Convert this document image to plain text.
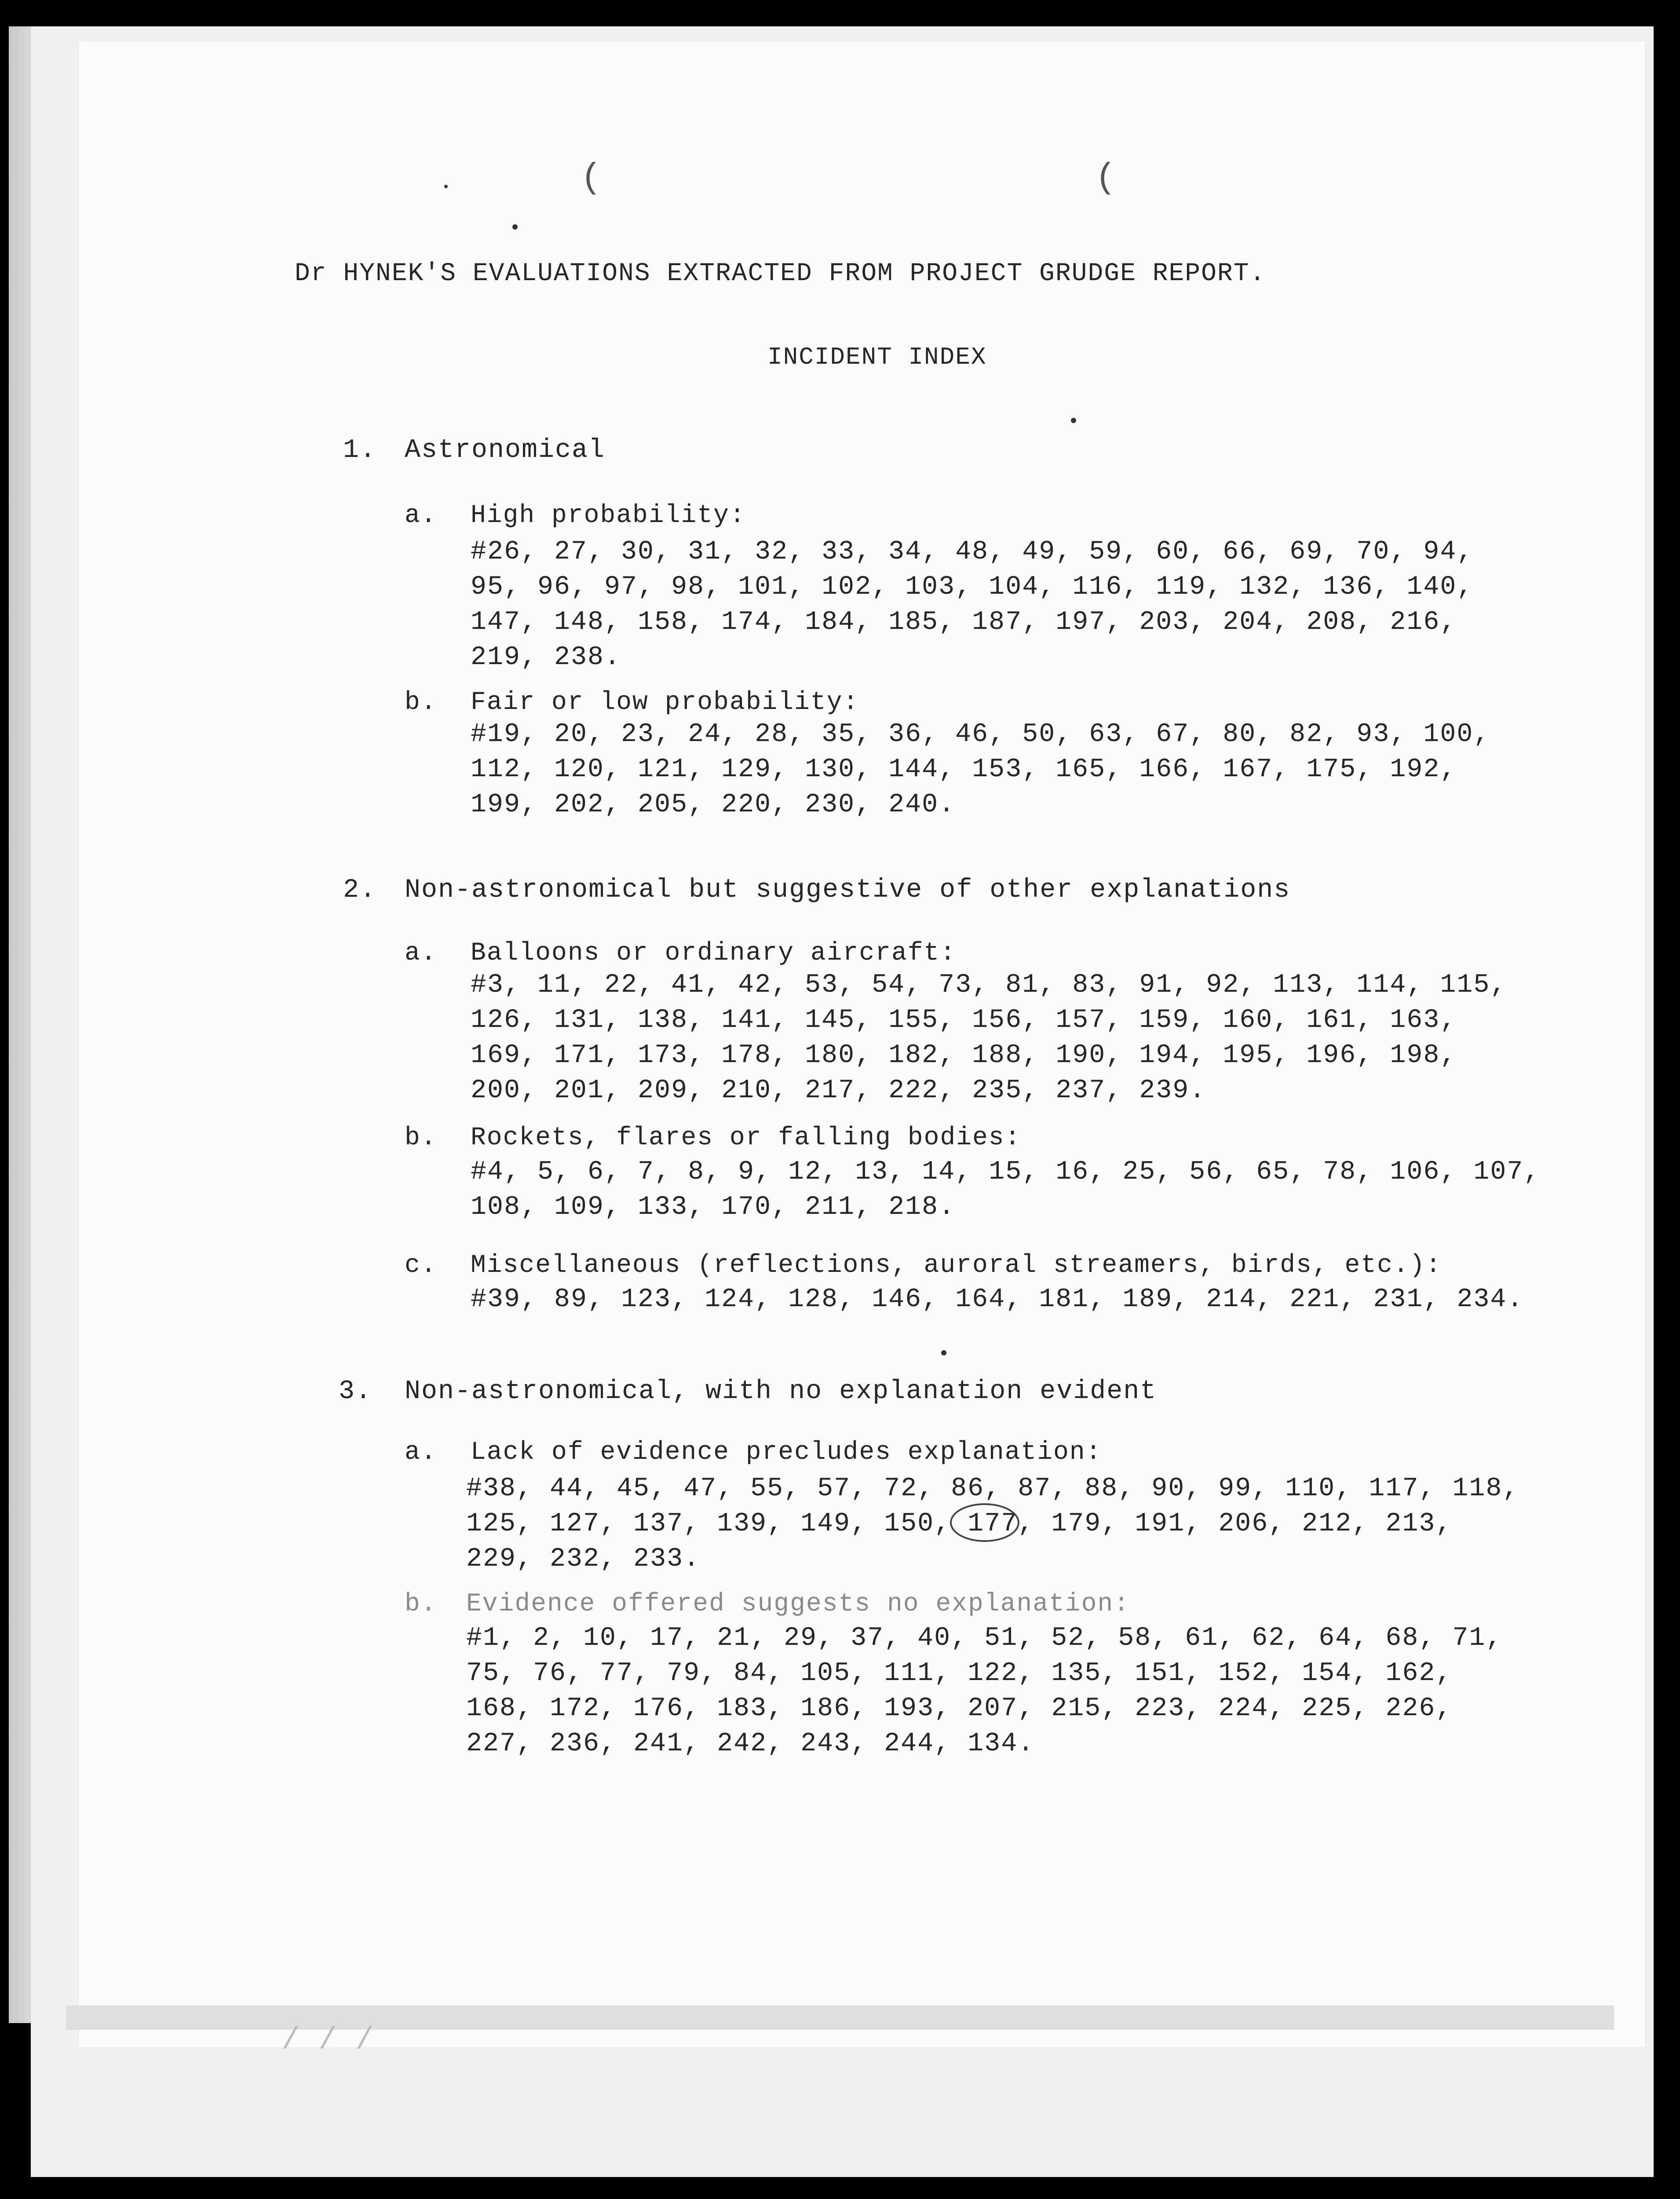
(	(
/ / /
Dr HYNEK'S EVALUATIONS EXTRACTED FROM PROJECT GRUDGE REPORT.
INCIDENT INDEX
1. Astronomical
a. High probability:
#26, 27, 30, 31, 32, 33, 34, 48, 49, 59, 60, 66, 69, 70, 94,
95, 96, 97, 98, 101, 102, 103, 104, 116, 119, 132, 136, 140,
147, 148, 158, 174, 184, 185, 187, 197, 203, 204, 208, 216,
219, 238.
b. Fair or low probability:
#19, 20, 23, 24, 28, 35, 36, 46, 50, 63, 67, 80, 82, 93, 100,
112, 120, 121, 129, 130, 144, 153, 165, 166, 167, 175, 192,
199, 202, 205, 220, 230, 240.
2. Non-astronomical but suggestive of other explanations
a. Balloons or ordinary aircraft:
#3, 11, 22, 41, 42, 53, 54, 73, 81, 83, 91, 92, 113, 114, 115,
126, 131, 138, 141, 145, 155, 156, 157, 159, 160, 161, 163,
169, 171, 173, 178, 180, 182, 188, 190, 194, 195, 196, 198,
200, 201, 209, 210, 217, 222, 235, 237, 239.
b. Rockets, flares or falling bodies:
#4, 5, 6, 7, 8, 9, 12, 13, 14, 15, 16, 25, 56, 65, 78, 106, 107,
108, 109, 133, 170, 211, 218.
c. Miscellaneous (reflections, auroral streamers, birds, etc.):
#39, 89, 123, 124, 128, 146, 164, 181, 189, 214, 221, 231, 234.
3. Non-astronomical, with no explanation evident
a. Lack of evidence precludes explanation:
#38, 44, 45, 47, 55, 57, 72, 86, 87, 88, 90, 99, 110, 117, 118,
125, 127, 137, 139, 149, 150, 177, 179, 191, 206, 212, 213,
229, 232, 233.
b. Evidence offered suggests no explanation:
#1, 2, 10, 17, 21, 29, 37, 40, 51, 52, 58, 61, 62, 64, 68, 71,
75, 76, 77, 79, 84, 105, 111, 122, 135, 151, 152, 154, 162,
168, 172, 176, 183, 186, 193, 207, 215, 223, 224, 225, 226,
227, 236, 241, 242, 243, 244, 134.
